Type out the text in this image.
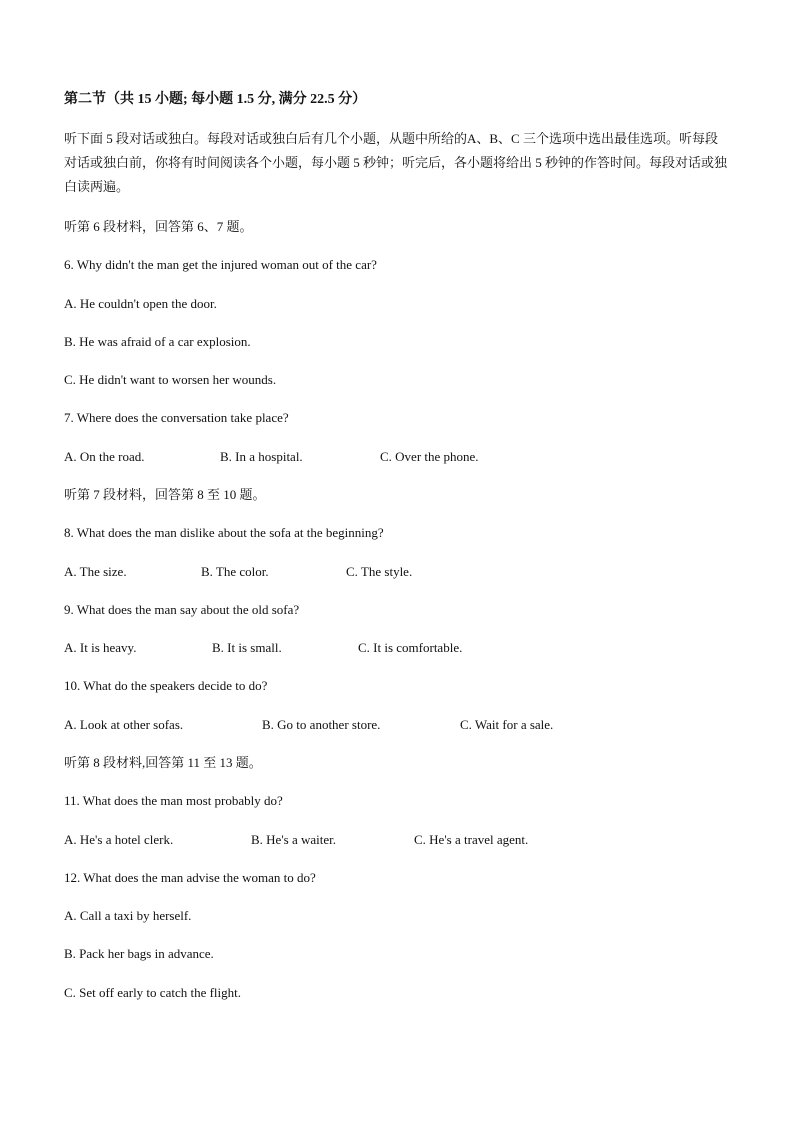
第二节（共 15 小题; 每小题 1.5 分, 满分 22.5 分）
听下面 5 段对话或独白。每段对话或独白后有几个小题，从题中所给的A、B、C 三个选项中选出最佳选项。听每段对话或独白前，你将有时间阅读各个小题，每小题 5 秒钟；听完后，各小题将给出 5 秒钟的作答时间。每段对话或独白读两遍。
听第 6 段材料，回答第 6、7 题。
6. Why didn't the man get the injured woman out of the car?
A. He couldn't open the door.
B. He was afraid of a car explosion.
C. He didn't want to worsen her wounds.
7. Where does the conversation take place?
A. On the road.	B. In a hospital.	C. Over the phone.
听第 7 段材料，回答第 8 至 10 题。
8. What does the man dislike about the sofa at the beginning?
A. The size.	B. The color.	C. The style.
9. What does the man say about the old sofa?
A. It is heavy.	B. It is small.	C. It is comfortable.
10. What do the speakers decide to do?
A. Look at other sofas.	B. Go to another store.	C. Wait for a sale.
听第 8 段材料,回答第 11 至 13 题。
11. What does the man most probably do?
A. He's a hotel clerk.	B. He's a waiter.	C. He's a travel agent.
12. What does the man advise the woman to do?
A. Call a taxi by herself.
B. Pack her bags in advance.
C. Set off early to catch the flight.
